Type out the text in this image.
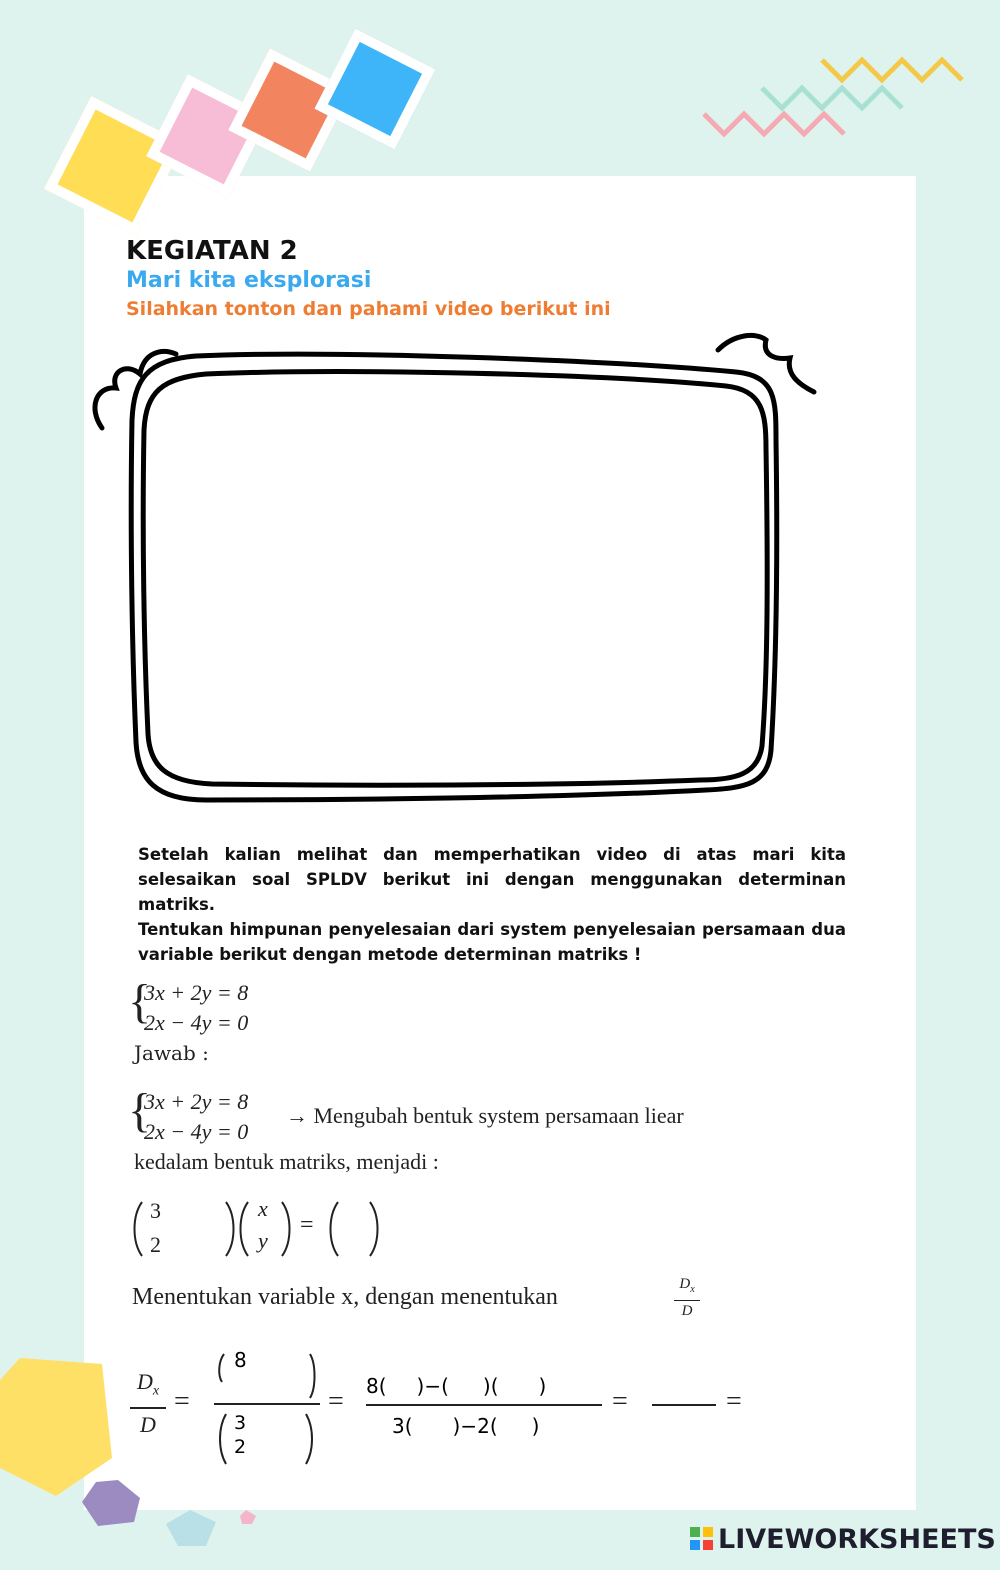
KEGIATAN 2
Mari kita eksplorasi
Silahkan tonton dan pahami video berikut ini
Setelah kalian melihat dan memperhatikan video di atas mari kita selesaikan soal SPLDV berikut ini dengan menggunakan determinan matriks.
Tentukan himpunan penyelesaian dari system penyelesaian persamaan dua variable berikut dengan metode determinan matriks !
{
3x + 2y = 8
2x − 4y = 0
Jawab :
{
3x + 2y = 8
2x − 4y = 0
→ Mengubah bentuk system persamaan liear
kedalam bentuk matriks, menjadi :
3
2
x
y
=
Menentukan variable x, dengan menentukan	$D_x$
D
$D_x$
D
=
8
3
2
= 8( )−( )( )
3( )−2( )
=	=
LIVEWORKSHEETS
